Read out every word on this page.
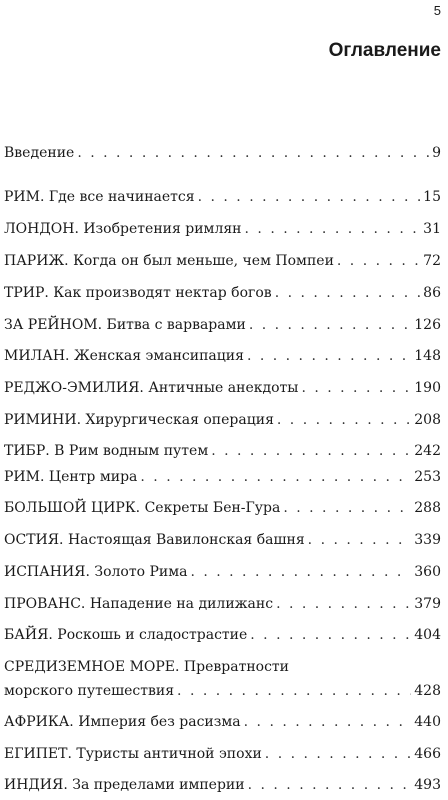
5
Оглавление
Введение . . .	9
РИМ. Где все начинается . . .	15
ЛОНДОН. Изобретения римлян . . .	31
ПАРИЖ. Когда он был меньше, чем Помпеи . . .	72
ТРИР. Как производят нектар богов . . .	86
ЗА РЕЙНОМ. Битва с варварами . . .	126
МИЛАН. Женская эмансипация . . .	148
РЕДЖО-ЭМИЛИЯ. Античные анекдоты . . .	190
РИМИНИ. Хирургическая операция . . .	208
ТИБР. В Рим водным путем . . .	242
РИМ. Центр мира . . .	253
БОЛЬШОЙ ЦИРК. Секреты Бен-Гура . . .	288
ОСТИЯ. Настоящая Вавилонская башня . . .	339
ИСПАНИЯ. Золото Рима . . .	360
ПРОВАНС. Нападение на дилижанс . . .	379
БАЙЯ. Роскошь и сладострастие . . .	404
СРЕДИЗЕМНОЕ МОРЕ. Превратности
морского путешествия . . .	428
АФРИКА. Империя без расизма . . .	440
ЕГИПЕТ. Туристы античной эпохи . . .	466
ИНДИЯ. За пределами империи . . .	493
